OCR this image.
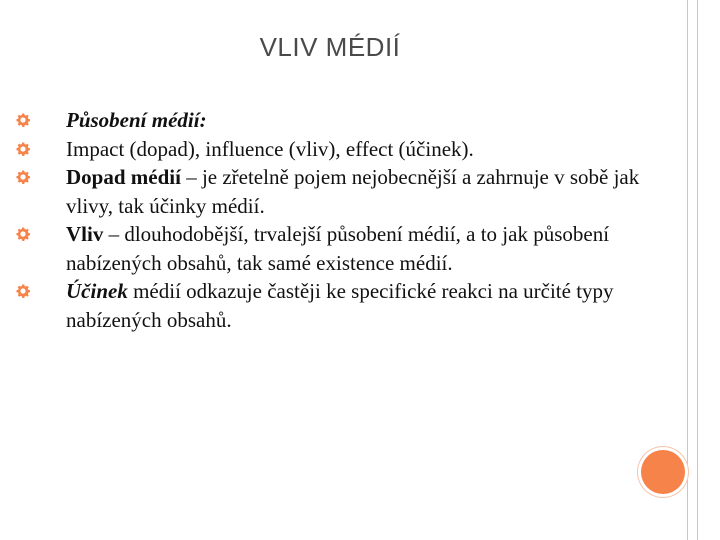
VLIV MÉDIÍ
Působení médií:
Impact (dopad), influence (vliv), effect (účinek).
Dopad médií – je zřetelně pojem nejobecnější a zahrnuje v sobě jak vlivy, tak účinky médií.
Vliv – dlouhodobější, trvalejší působení médií, a to jak působení nabízených obsahů, tak samé existence médií.
Účinek médií odkazuje častěji ke specifické reakci na určité typy nabízených obsahů.
